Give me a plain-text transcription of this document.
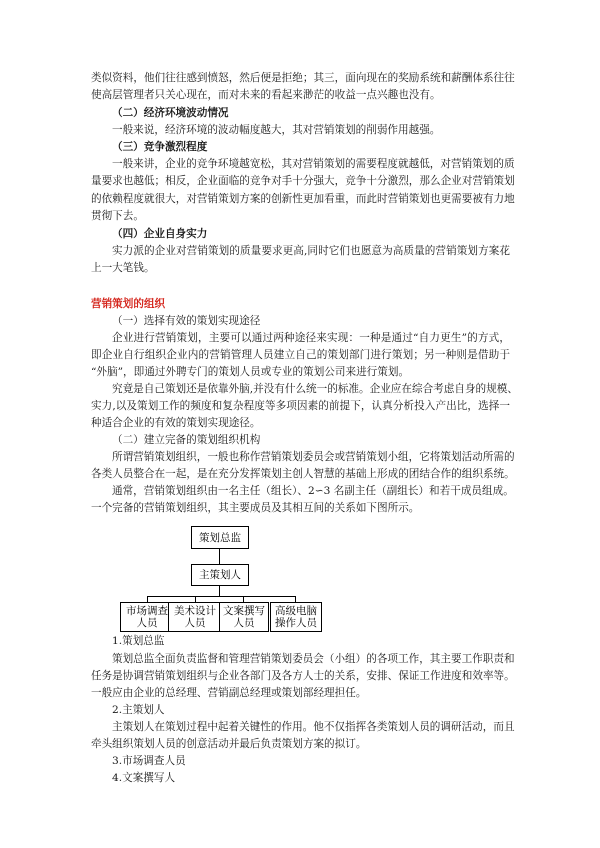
类似资料，他们往往感到愤怒，然后便是拒绝；其三，面向现在的奖励系统和薪酬体系往往
使高层管理者只关心现在，而对未来的看起来渺茫的收益一点兴趣也没有。
（二）经济环境波动情况
一般来说，经济环境的波动幅度越大，其对营销策划的削弱作用越强。
（三）竞争激烈程度
一般来讲，企业的竞争环境越宽松，其对营销策划的需要程度就越低，对营销策划的质
量要求也越低；相反，企业面临的竞争对手十分强大，竞争十分激烈，那么企业对营销策划
的依赖程度就很大，对营销策划方案的创新性更加看重，而此时营销策划也更需要被有力地
贯彻下去。
（四）企业自身实力
实力派的企业对营销策划的质量要求更高,同时它们也愿意为高质量的营销策划方案花
上一大笔钱。
营销策划的组织
（一）选择有效的策划实现途径
企业进行营销策划，主要可以通过两种途径来实现：一种是通过“自力更生”的方式，
即企业自行组织企业内的营销管理人员建立自己的策划部门进行策划；另一种则是借助于
“外脑”，即通过外聘专门的策划人员或专业的策划公司来进行策划。
究竟是自己策划还是依靠外脑,并没有什么统一的标准。企业应在综合考虑自身的规模、
实力,以及策划工作的频度和复杂程度等多项因素的前提下，认真分析投入产出比，选择一
种适合企业的有效的策划实现途径。
（二）建立完备的策划组织机构
所谓营销策划组织，一般也称作营销策划委员会或营销策划小组，它将策划活动所需的
各类人员整合在一起，是在充分发挥策划主创人智慧的基础上形成的团结合作的组织系统。
通常，营销策划组织由一名主任（组长）、2∽3 名副主任（副组长）和若干成员组成。
一个完备的营销策划组织，其主要成员及其相互间的关系如下图所示。
策划总监
主策划人
市场调查
人员
美术设计
人员
文案撰写
人员
高级电脑
操作人员
1.策划总监
策划总监全面负责监督和管理营销策划委员会（小组）的各项工作，其主要工作职责和
任务是协调营销策划组织与企业各部门及各方人士的关系，安排、保证工作进度和效率等。
一般应由企业的总经理、营销副总经理或策划部经理担任。
2.主策划人
主策划人在策划过程中起着关键性的作用。他不仅指挥各类策划人员的调研活动，而且
牵头组织策划人员的创意活动并最后负责策划方案的拟订。
3.市场调查人员
4.文案撰写人
